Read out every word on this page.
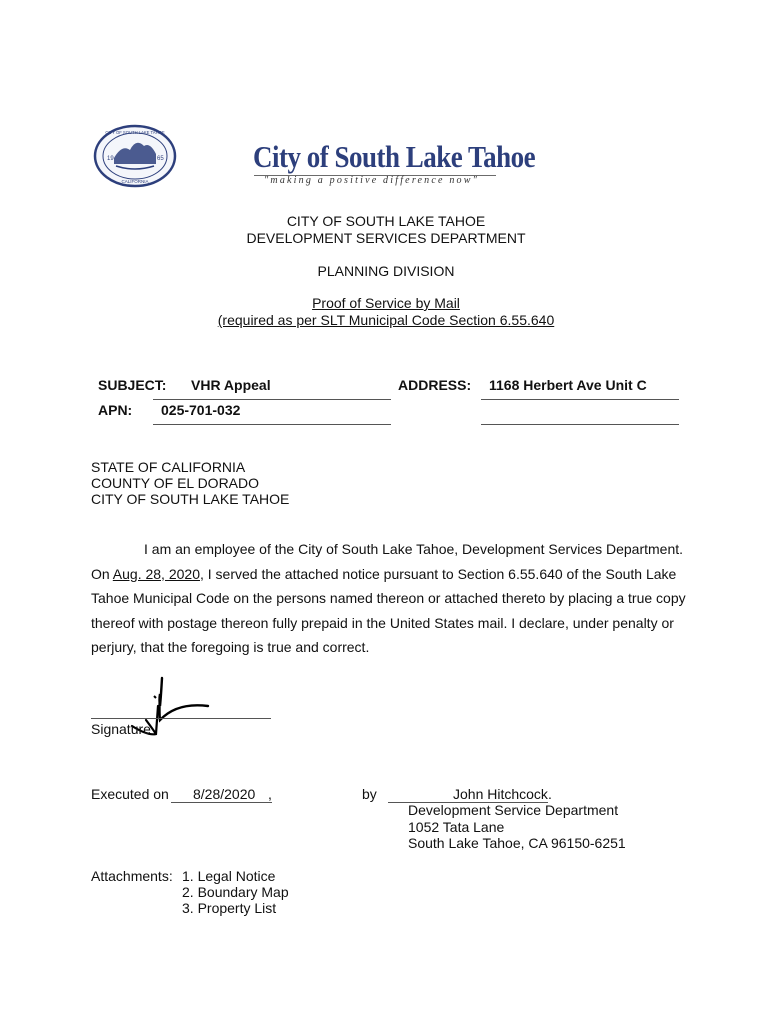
19	65
CITY OF SOUTH LAKE TAHOE
CALIFORNIA
City of South Lake Tahoe
"making a positive difference now"
CITY OF SOUTH LAKE TAHOE
DEVELOPMENT SERVICES DEPARTMENT
PLANNING DIVISION
Proof of Service by Mail
(required as per SLT Municipal Code Section 6.55.640
SUBJECT: VHR Appeal	ADDRESS: 1168 Herbert Ave Unit C
APN: 025-701-032
STATE OF CALIFORNIA
COUNTY OF EL DORADO
CITY OF SOUTH LAKE TAHOE
I am an employee of the City of South Lake Tahoe, Development Services Department. On Aug. 28, 2020, I served the attached notice pursuant to Section 6.55.640 of the South Lake Tahoe Municipal Code on the persons named thereon or attached thereto by placing a true copy thereof with postage thereon fully prepaid in the United States mail. I declare, under penalty or perjury, that the foregoing is true and correct.
Signature
Executed on 8/28/2020 ,	by	John Hitchcock .
Development Service Department
1052 Tata Lane
South Lake Tahoe, CA 96150-6251
Attachments: 1. Legal Notice
2. Boundary Map
3. Property List
